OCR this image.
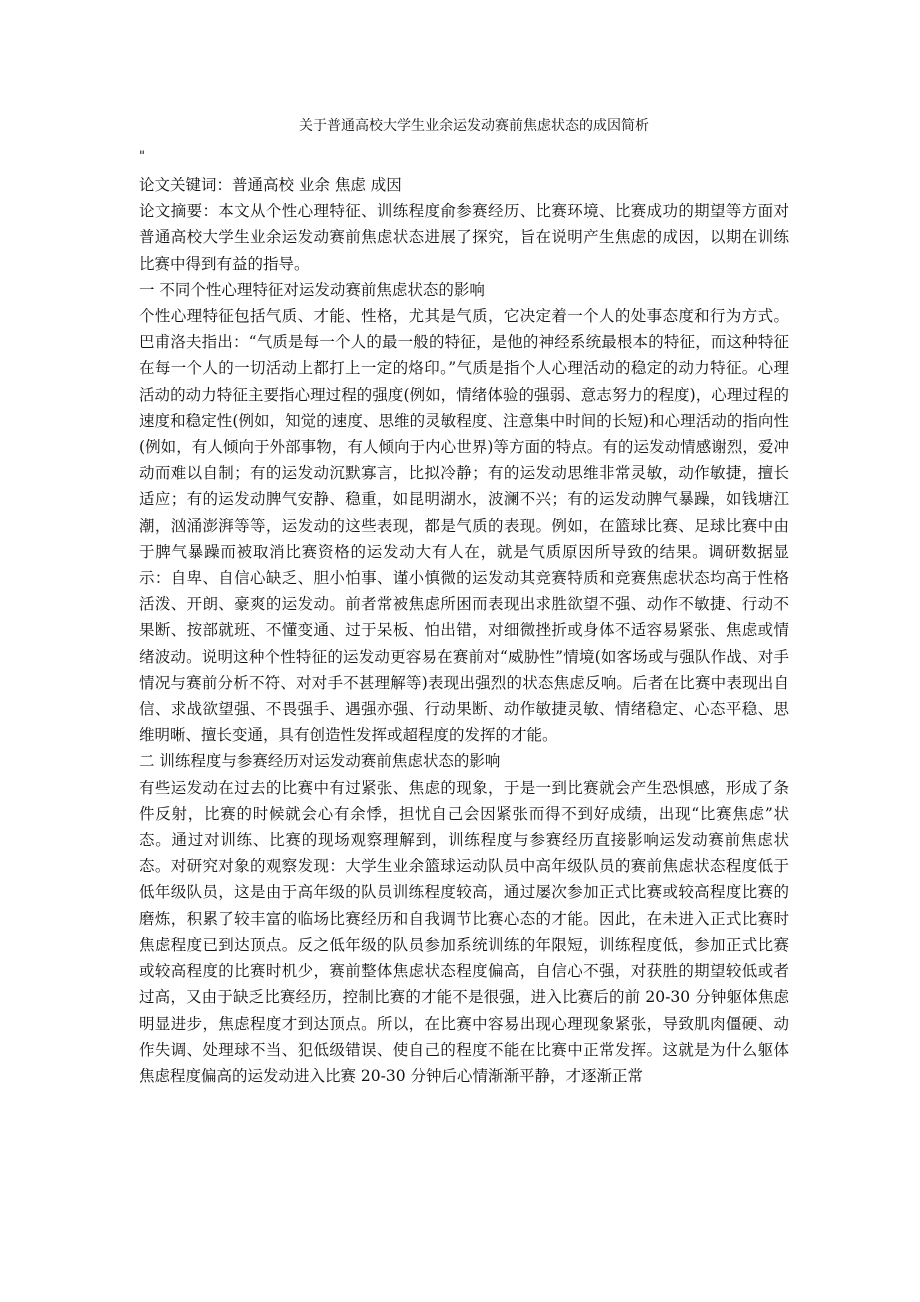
关于普通高校大学生业余运发动赛前焦虑状态的成因简析
"

论文关键词：普通高校 业余 焦虑 成因

论文摘要：本文从个性心理特征、训练程度俞参赛经历、比赛环境、比赛成功的期望等方面对普通高校大学生业余运发动赛前焦虑状态进展了探究，旨在说明产生焦虑的成因，以期在训练比赛中得到有益的指导。

一 不同个性心理特征对运发动赛前焦虑状态的影响

个性心理特征包括气质、才能、性格，尤其是气质，它决定着一个人的处事态度和行为方式。巴甫洛夫指出：“气质是每一个人的最一般的特征，是他的神经系统最根本的特征，而这种特征在每一个人的一切活动上都打上一定的烙印。”气质是指个人心理活动的稳定的动力特征。心理活动的动力特征主要指心理过程的强度(例如，情绪体验的强弱、意志努力的程度)，心理过程的速度和稳定性(例如，知觉的速度、思维的灵敏程度、注意集中时间的长短)和心理活动的指向性(例如，有人倾向于外部事物，有人倾向于内心世界)等方面的特点。有的运发动情感谢烈，爱冲动而难以自制；有的运发动沉默寡言，比拟冷静；有的运发动思维非常灵敏，动作敏捷，擅长适应；有的运发动脾气安静、稳重，如昆明湖水，波澜不兴；有的运发动脾气暴躁，如钱塘江潮，汹涌澎湃等等，运发动的这些表现，都是气质的表现。例如，在篮球比赛、足球比赛中由于脾气暴躁而被取消比赛资格的运发动大有人在，就是气质原因所导致的结果。调研数据显示：自卑、自信心缺乏、胆小怕事、谨小慎微的运发动其竞赛特质和竞赛焦虑状态均高于性格活泼、开朗、豪爽的运发动。前者常被焦虑所困而表现出求胜欲望不强、动作不敏捷、行动不果断、按部就班、不懂变通、过于呆板、怕出错，对细微挫折或身体不适容易紧张、焦虑或情绪波动。说明这种个性特征的运发动更容易在赛前对“威胁性”情境(如客场或与强队作战、对手情况与赛前分析不符、对对手不甚理解等)表现出强烈的状态焦虑反响。后者在比赛中表现出自信、求战欲望强、不畏强手、遇强亦强、行动果断、动作敏捷灵敏、情绪稳定、心态平稳、思维明晰、擅长变通，具有创造性发挥或超程度的发挥的才能。

二 训练程度与参赛经历对运发动赛前焦虑状态的影响

有些运发动在过去的比赛中有过紧张、焦虑的现象，于是一到比赛就会产生恐惧感，形成了条件反射，比赛的时候就会心有余悸，担忧自己会因紧张而得不到好成绩，出现“比赛焦虑”状态。通过对训练、比赛的现场观察理解到，训练程度与参赛经历直接影响运发动赛前焦虑状态。对研究对象的观察发现：大学生业余篮球运动队员中高年级队员的赛前焦虑状态程度低于低年级队员，这是由于高年级的队员训练程度较高，通过屡次参加正式比赛或较高程度比赛的磨炼，积累了较丰富的临场比赛经历和自我调节比赛心态的才能。因此，在未进入正式比赛时焦虑程度已到达顶点。反之低年级的队员参加系统训练的年限短，训练程度低，参加正式比赛或较高程度的比赛时机少，赛前整体焦虑状态程度偏高，自信心不强，对获胜的期望较低或者过高，又由于缺乏比赛经历，控制比赛的才能不是很强，进入比赛后的前 20-30 分钟躯体焦虑明显进步，焦虑程度才到达顶点。所以，在比赛中容易出现心理现象紧张，导致肌肉僵硬、动作失调、处理球不当、犯低级错误、使自己的程度不能在比赛中正常发挥。这就是为什么躯体焦虑程度偏高的运发动进入比赛 20-30 分钟后心情渐渐平静，才逐渐正常
